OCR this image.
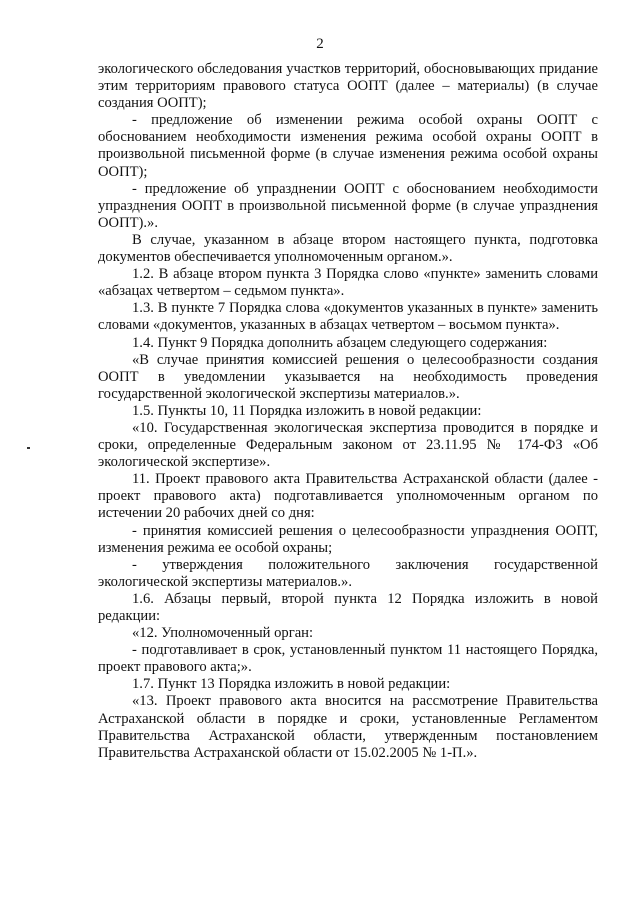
2

экологического обследования участков территорий, обосновывающих придание этим территориям правового статуса ООПТ (далее – материалы) (в случае создания ООПТ);

- предложение об изменении режима особой охраны ООПТ с обоснованием необходимости изменения режима особой охраны ООПТ в произвольной письменной форме (в случае изменения режима особой охраны ООПТ);

- предложение об упразднении ООПТ с обоснованием необходимости упразднения ООПТ в произвольной письменной форме (в случае упразднения ООПТ).».

В случае, указанном в абзаце втором настоящего пункта, подготовка документов обеспечивается уполномоченным органом.».

1.2. В абзаце втором пункта 3 Порядка слово «пункте» заменить словами «абзацах четвертом – седьмом пункта».

1.3. В пункте 7 Порядка слова «документов указанных в пункте» заменить словами «документов, указанных в абзацах четвертом – восьмом пункта».

1.4. Пункт 9 Порядка дополнить абзацем следующего содержания:

«В случае принятия комиссией решения о целесообразности создания ООПТ в уведомлении указывается на необходимость проведения государственной экологической экспертизы материалов.».

1.5. Пункты 10, 11 Порядка изложить в новой редакции:

«10. Государственная экологическая экспертиза проводится в порядке и сроки, определенные Федеральным законом от 23.11.95 № 174-ФЗ «Об экологической экспертизе».

11. Проект правового акта Правительства Астраханской области (далее - проект правового акта) подготавливается уполномоченным органом по истечении 20 рабочих дней со дня:

- принятия комиссией решения о целесообразности упразднения ООПТ, изменения режима ее особой охраны;

- утверждения положительного заключения государственной экологической экспертизы материалов.».

1.6. Абзацы первый, второй пункта 12 Порядка изложить в новой редакции:

«12. Уполномоченный орган:

- подготавливает в срок, установленный пунктом 11 настоящего Порядка, проект правового акта;».

1.7. Пункт 13 Порядка изложить в новой редакции:

«13. Проект правового акта вносится на рассмотрение Правительства Астраханской области в порядке и сроки, установленные Регламентом Правительства Астраханской области, утвержденным постановлением Правительства Астраханской области от 15.02.2005 № 1-П.».
